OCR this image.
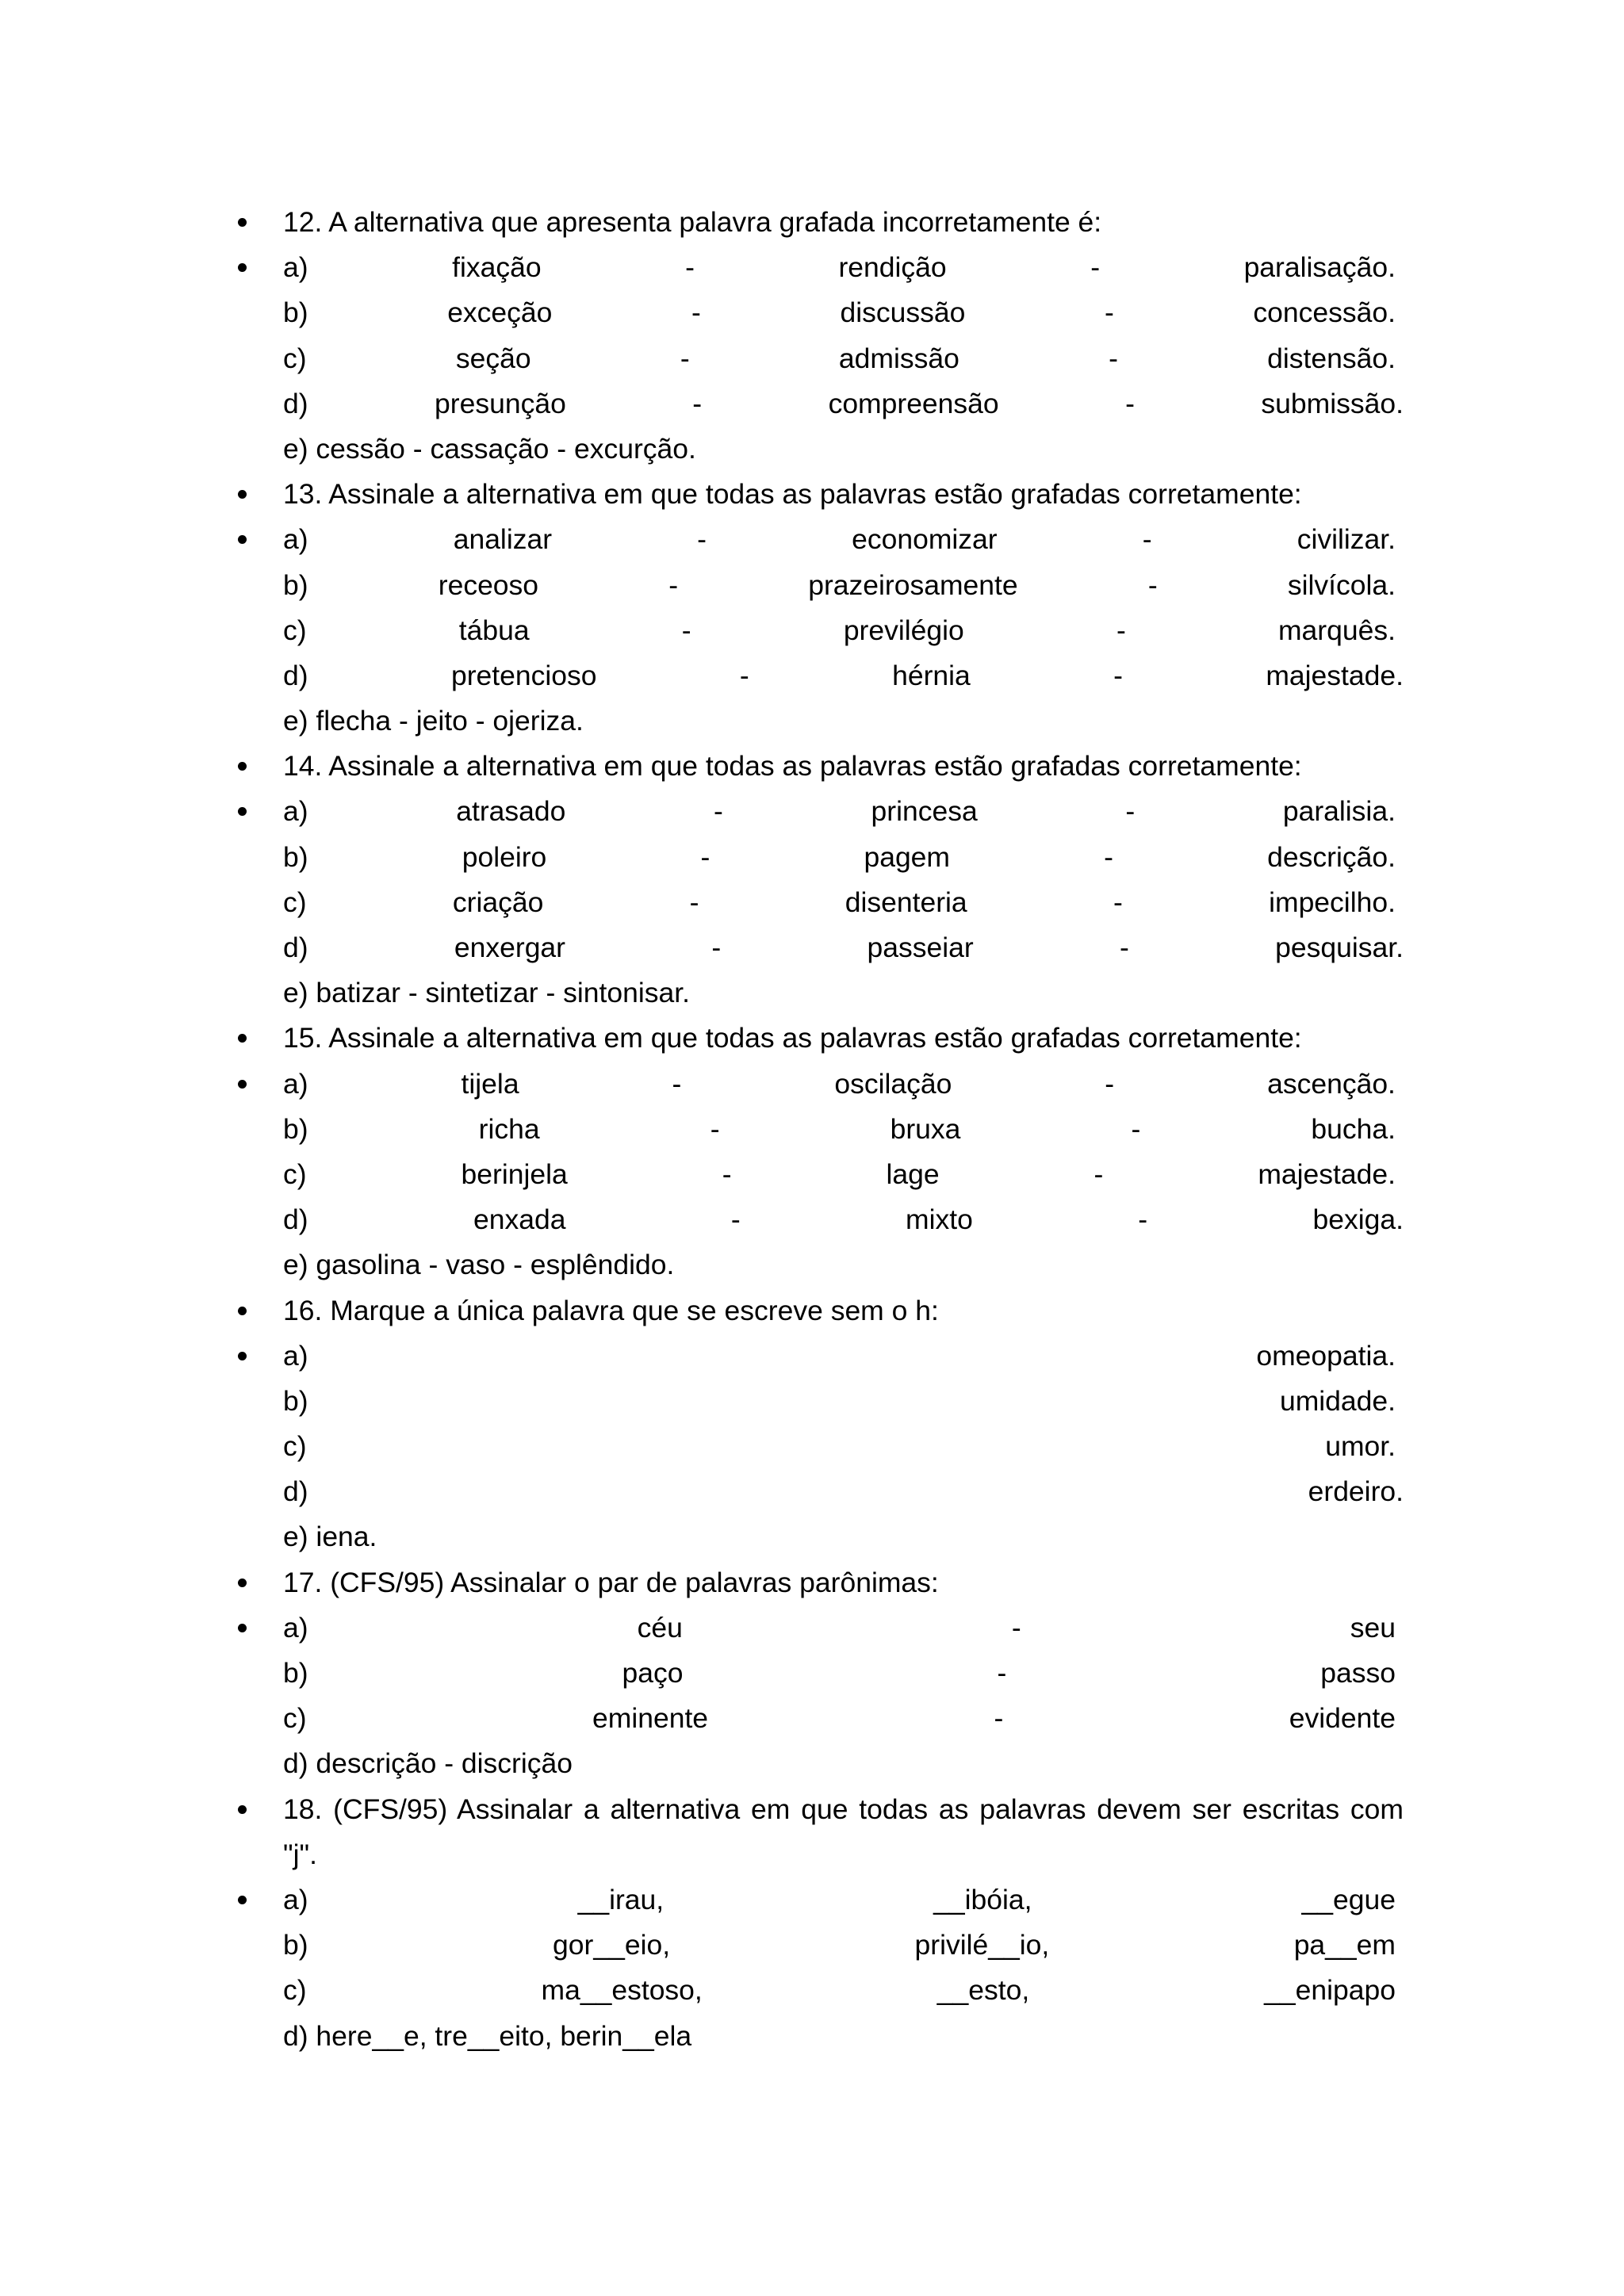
12. A alternativa que apresenta palavra grafada incorretamente é:
a)	fixação	-	rendição	-	paralisação.
b)	exceção	-	discussão	-	concessão.
c)	seção	-	admissão	-	distensão.
d)	presunção	-	compreensão	-	submissão.
e) cessão - cassação - excurção.
13. Assinale a alternativa em que todas as palavras estão grafadas corretamente:
a)	analizar	-	economizar	-	civilizar.
b)	receoso	-	prazeirosamente	-	silvícola.
c)	tábua	-	previlégio	-	marquês.
d)	pretencioso	-	hérnia	-	majestade.
e) flecha - jeito - ojeriza.
14. Assinale a alternativa em que todas as palavras estão grafadas corretamente:
a)	atrasado	-	princesa	-	paralisia.
b)	poleiro	-	pagem	-	descrição.
c)	criação	-	disenteria	-	impecilho.
d)	enxergar	-	passeiar	-	pesquisar.
e) batizar - sintetizar - sintonisar.
15. Assinale a alternativa em que todas as palavras estão grafadas corretamente:
a)	tijela	-	oscilação	-	ascenção.
b)	richa	-	bruxa	-	bucha.
c)	berinjela	-	lage	-	majestade.
d)	enxada	-	mixto	-	bexiga.
e) gasolina - vaso - esplêndido.
16. Marque a única palavra que se escreve sem o h:
a)	omeopatia.
b)	umidade.
c)	umor.
d)	erdeiro.
e) iena.
17. (CFS/95) Assinalar o par de palavras parônimas:
a)	céu	-	seu
b)	paço	-	passo
c)	eminente	-	evidente
d) descrição - discrição
18. (CFS/95) Assinalar a alternativa em que todas as palavras devem ser escritas com "j".
a)	__irau,	__ibóia,	__egue
b)	gor__eio,	privilé__io,	pa__em
c)	ma__estoso,	__esto,	__enipapo
d) here__e, tre__eito, berin__ela
